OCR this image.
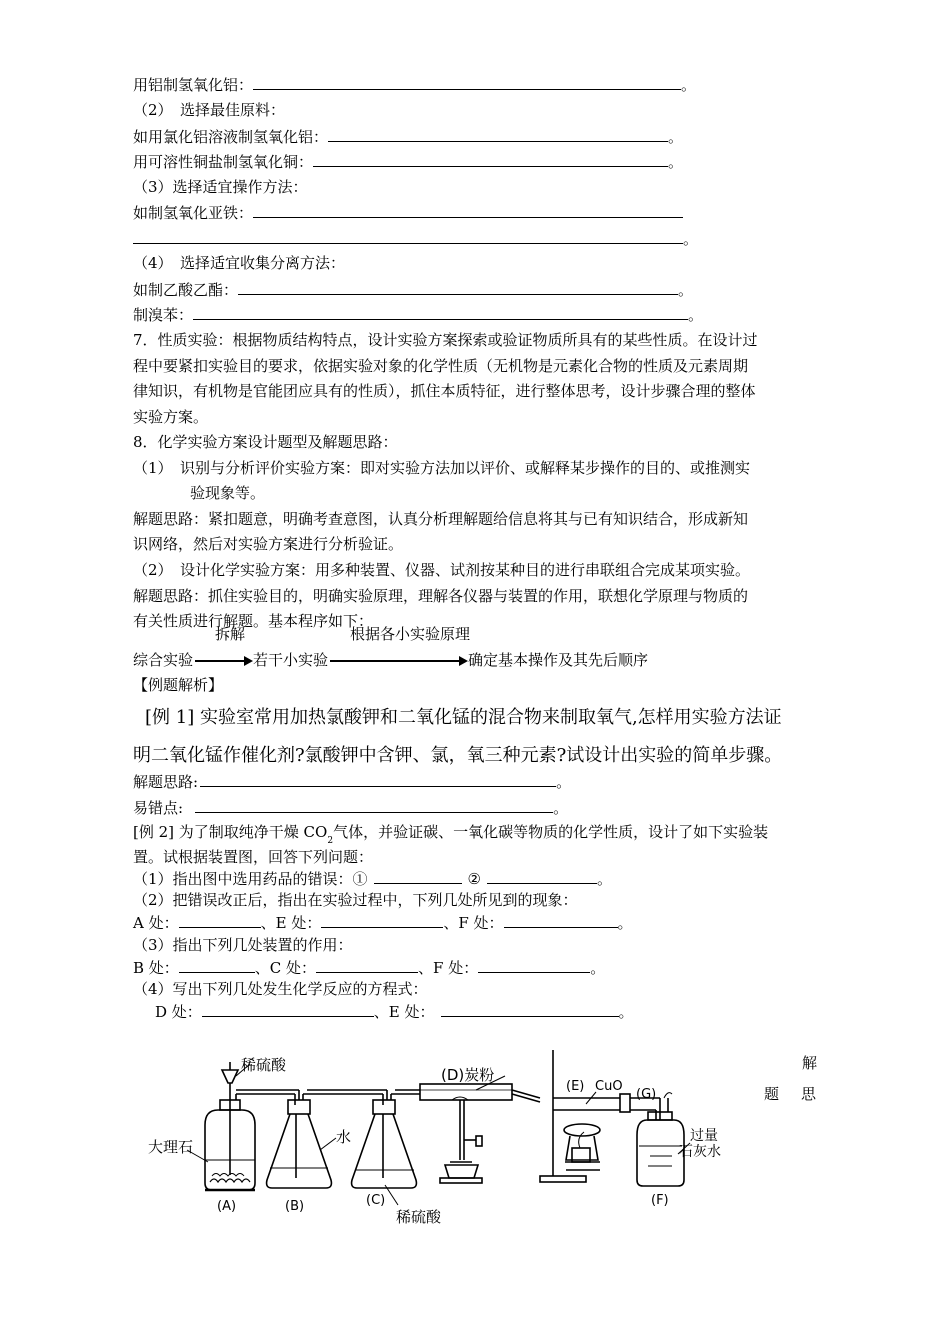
用铝制氢氧化铝：	。
（2）　选择最佳原料：
如用氯化铝溶液制氢氧化铝：	。
用可溶性铜盐制氢氧化铜：	。
（3）选择适宜操作方法：
如制氢氧化亚铁：
。
（4）　选择适宜收集分离方法：
如制乙酸乙酯：	。
制溴苯：	。
7．性质实验：根据物质结构特点，设计实验方案探索或验证物质所具有的某些性质。在设计过
程中要紧扣实验目的要求，依据实验对象的化学性质（无机物是元素化合物的性质及元素周期
律知识，有机物是官能团应具有的性质），抓住本质特征，进行整体思考，设计步骤合理的整体
实验方案。
8．化学实验方案设计题型及解题思路：
（1）　识别与分析评价实验方案：即对实验方法加以评价、或解释某步操作的目的、或推测实
验现象等。
解题思路：紧扣题意，明确考查意图，认真分析理解题给信息将其与已有知识结合，形成新知
识网络，然后对实验方案进行分析验证。
（2）　设计化学实验方案：用多种装置、仪器、试剂按某种目的进行串联组合完成某项实验。
解题思路：抓住实验目的，明确实验原理，理解各仪器与装置的作用，联想化学原理与物质的
有关性质进行解题。基本程序如下：
拆解	根据各小实验原理
综合实验	若干小实验	确定基本操作及其先后顺序
【例题解析】
[例 1] 实验室常用加热氯酸钾和二氧化锰的混合物来制取氧气,怎样用实验方法证
明二氧化锰作催化剂?氯酸钾中含钾、氯，氧三种元素?试设计出实验的简单步骤。
解题思路:	。
易错点:	。
[例 2] 为了制取纯净干燥 $CO_2$气体，并验证碳、一氧化碳等物质的化学性质，设计了如下实验装
置。试根据装置图，回答下列问题：
（1）指出图中选用药品的错误：①	②	。
（2）把错误改正后，指出在实验过程中，下列几处所见到的现象：
A 处：	、E 处：	、F 处：	。
（3）指出下列几处装置的作用：
B 处：	、C 处：	、F 处：	。
（4）写出下列几处发生化学反应的方程式：
D 处：	、E 处：	。
解
题 思
稀硫酸
大理石
水
稀硫酸
(D)炭粉
(E) CuO
(G)
过量
石灰水
(A)	(B)	(C)	(F)
